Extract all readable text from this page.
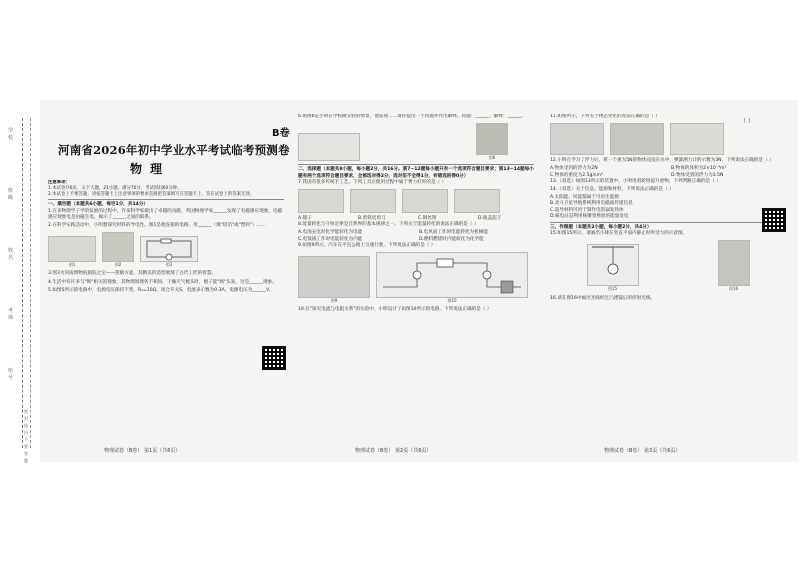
学校
班级
姓名
考场
座号
密封线内不要答题
B卷
河南省2026年初中学业水平考试临考预测卷
物理
注意事项：
1.本试卷共6页，五个大题，21小题，满分70分，考试时间60分钟。
2.本试卷上不要答题，请按答题卡上注意事项的要求直接把答案填写在答题卡上。答在试卷上的答案无效。
一、填空题（本题共6小题，每空1分，共14分）
1.在多物理学子学的发展的过程中，许多科学家做出了卓越的贡献。英国物理学家______发现了电磁感应现象，电磁感应现象电是由磁生电，揭示了______之间的联系。
2.在科学实践活动中，小明想探究材料的导电性。图1是他连接的电路，用______（填"铝箔"或"塑料"）……
图1	图2	图3
3.图3为河南博物院镇院之宝——莲鹤方壶，其精美的造型展现了古代工匠的智慧。
4.生活中有许多与"吸"相关的现象，其物理原理各不相同。干燥天气梳头时，梳子能"吸"头发，这是______现象。
5.如图5所示的电路中，电源电压保持不变。R₁=10Ω，闭合开关S，电流表示数为0.3A，电源电压为______V。
物理试卷（B卷） 第1页（共6页）
6.如图6是小明在学校做实验的情景，他发现……请你提出一个问题并作出解释。问题：______；解释：______。
图6
二、选择题（本题共8小题，每小题2分，共16分。第7~12题每小题只有一个选项符合题目要求；第13~14题每小题有两个选项符合题目要求，全部选对得2分，选对但不全得1分，有错选的得0分）
7.我国有很多传统手工艺。下列工具在使用过程中属于费力杠杆的是（ ）
A.镊子	B.剪铁皮剪刀	C.钢丝钳	D.瓶盖起子
8.能量转化与守恒定律是自然界的基本规律之一。下列关于能量转化的说法正确的是（ ）
A.电池充电时化学能转化为电能	B.电风扇工作时电能转化为机械能
C.电饭锅工作时电能转化为内能	D.燃料燃烧时内能转化为化学能
9.如图9所示，汽车在平直公路上匀速行驶，下列说法正确的是（ ）
图9	图10
10.在"探究电流与电阻关系"的实验中，小明设计了如图10所示的电路，下列说法正确的是（ ）
物理试卷（B卷） 第2页（共6页）
11.如图所示，下列关于物态变化的说法正确的是（ ）
12.小明在学习了浮力后，将一个重为5N的物体浸没在水中，弹簧测力计的示数为3N，下列说法正确的是（ ）
A.物体受到的浮力为2N	B.物体的体积为2×10⁻⁴m³
C.物体的密度为2.5g/cm³	D.物体受到的浮力为3.5N
13.（双选）如图13所示的装置中，小明用滑轮组提升重物，下列判断正确的是（ ）
14.（双选）关于信息、能源和材料，下列说法正确的是（ ）
A.太阳能、风能都属于可再生能源
B.北斗卫星导航系统利用电磁波传递信息
C.超导材料可用于制作电饭锅发热体
D.核电站是利用核聚变释放的能量发电
三、作图题（本题共2小题，每小题2分，共4分）
15.如图15所示，请画出小球在竖直平面内静止时所受力的示意图。
图15	图16
16.请在图16中画出光线经过凸透镜后的折射光线。
（ ）
物理试卷（B卷） 第3页（共6页）
